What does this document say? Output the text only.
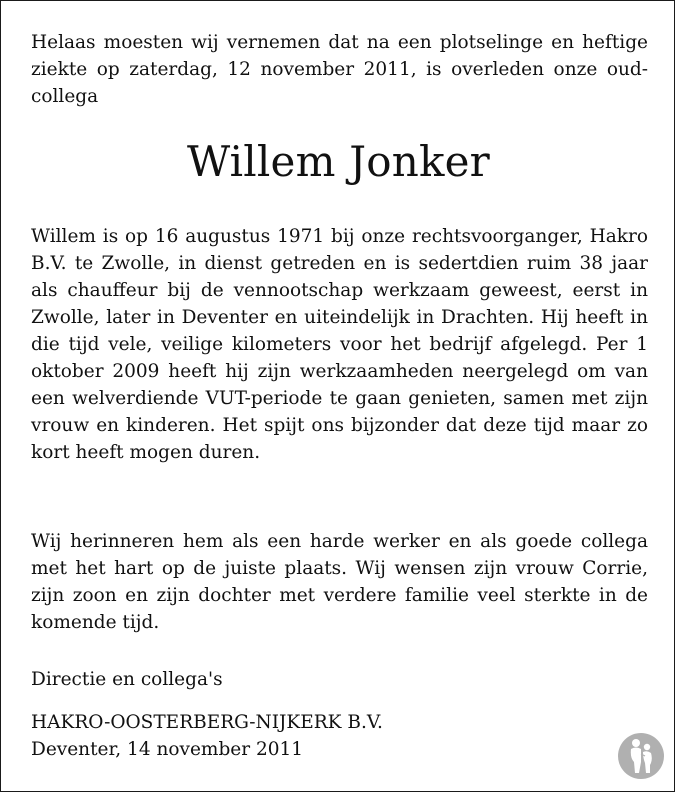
Helaas moesten wij vernemen dat na een plotselinge en heftige ziekte op zaterdag, 12 november 2011, is overleden onze oud-collega
Willem Jonker
Willem is op 16 augustus 1971 bij onze rechtsvoorganger, Hakro B.V. te Zwolle, in dienst getreden en is sedertdien ruim 38 jaar als chauffeur bij de vennootschap werkzaam geweest, eerst in Zwolle, later in Deventer en uiteindelijk in Drachten. Hij heeft in die tijd vele, veilige kilometers voor het bedrijf afgelegd. Per 1 oktober 2009 heeft hij zijn werkzaamheden neergelegd om van een welverdiende VUT-periode te gaan genieten, samen met zijn vrouw en kinderen. Het spijt ons bijzonder dat deze tijd maar zo kort heeft mogen duren.
Wij herinneren hem als een harde werker en als goede collega met het hart op de juiste plaats. Wij wensen zijn vrouw Corrie, zijn zoon en zijn dochter met verdere familie veel sterkte in de komende tijd.
Directie en collega's
HAKRO-OOSTERBERG-NIJKERK B.V.
Deventer, 14 november 2011
